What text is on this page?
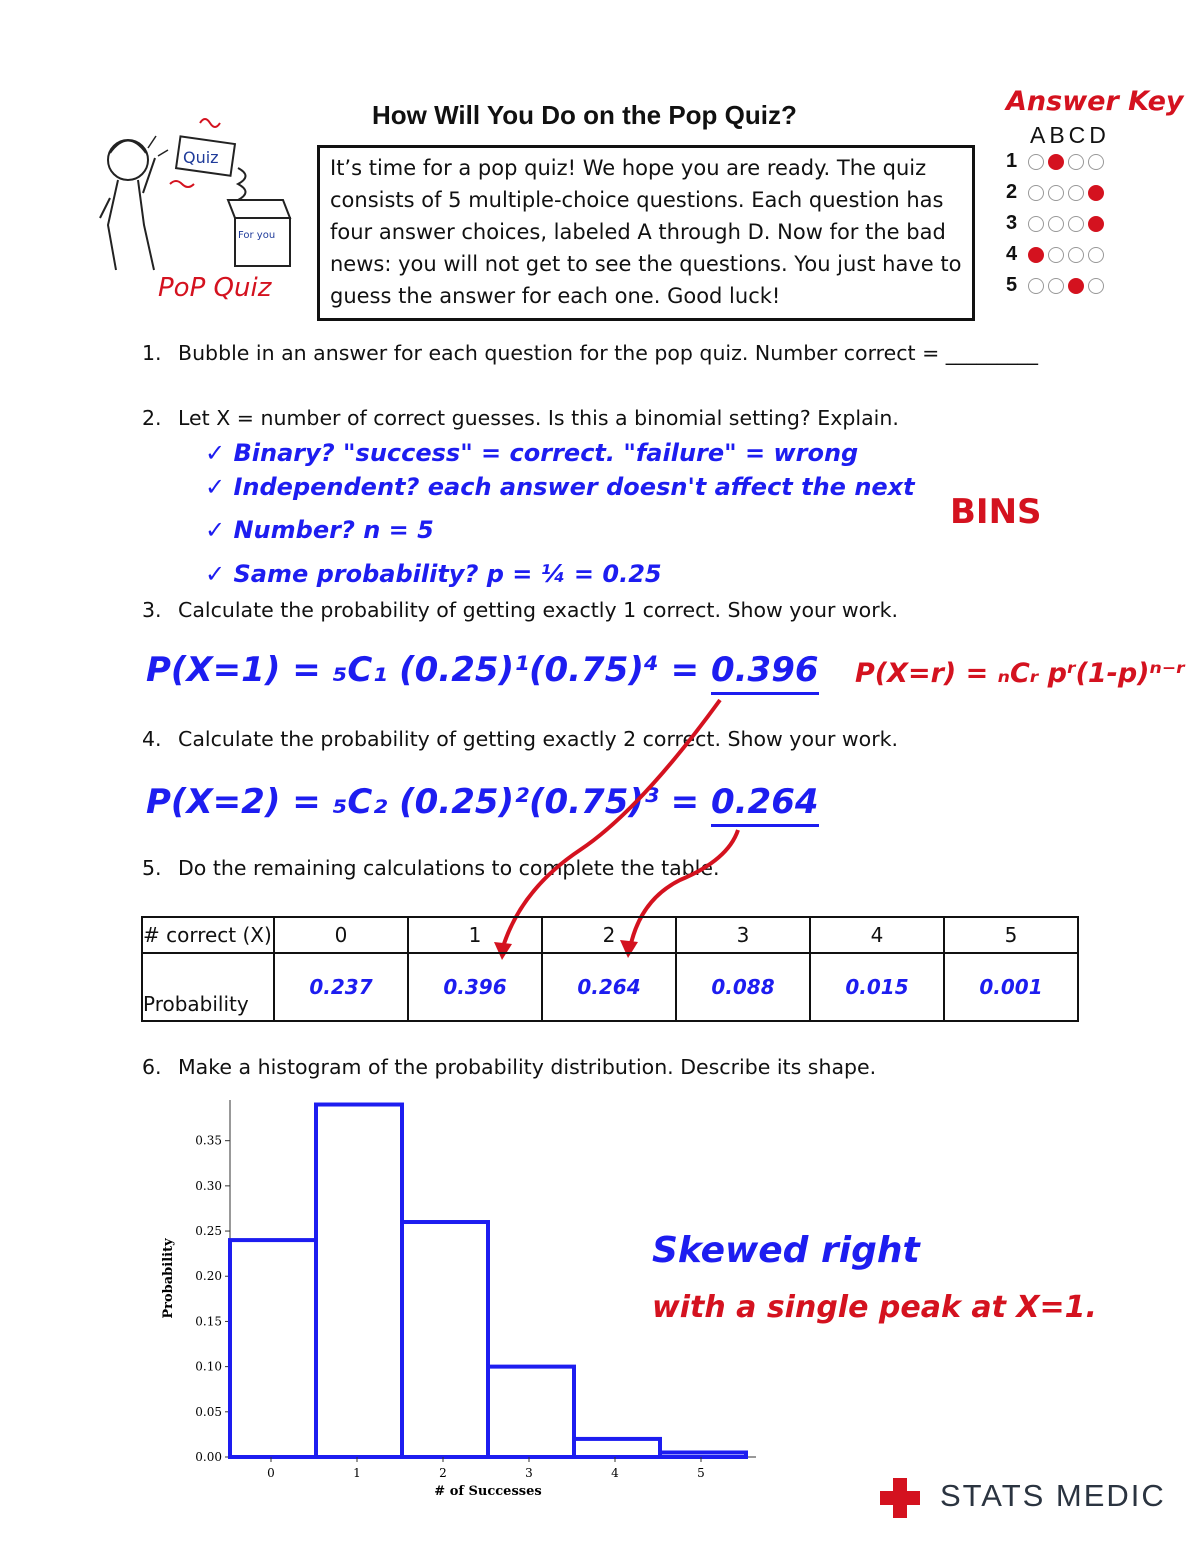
Quiz
For you
PoP Quiz
How Will You Do on the Pop Quiz?
It’s time for a pop quiz! We hope you are ready. The quiz consists of 5 multiple-choice questions. Each question has four answer choices, labeled A through D. Now for the bad news: you will not get to see the questions. You just have to guess the answer for each one. Good luck!
Answer Key
ABCD
1
2
3
4
5
1. Bubble in an answer for each question for the pop quiz. Number correct = _________
2. Let X = number of correct guesses. Is this a binomial setting? Explain.
✓ Binary? "success" = correct. "failure" = wrong
✓ Independent? each answer doesn't affect the next
✓ Number? n = 5
✓ Same probability? p = ¼ = 0.25
BINS
3. Calculate the probability of getting exactly 1 correct. Show your work.
P(X=1) = ₅C₁ (0.25)¹(0.75)⁴ = 0.396 P(X=r) = ₙCᵣ pʳ(1-p)ⁿ⁻ʳ
4. Calculate the probability of getting exactly 2 correct. Show your work.
P(X=2) = ₅C₂ (0.25)²(0.75)³ = 0.264
5. Do the remaining calculations to complete the table.
# correct (X)	0	1	2	3	4	5
Probability	0.237	0.396	0.264	0.088	0.015	0.001
6. Make a histogram of the probability distribution. Describe its shape.
0.00
0.05
0.10
0.15
0.20
0.25
0.30
0.35
0	1	2	3	4	5
# of Successes
Probability	Skewed right
with a single peak at X=1.
STATS MEDIC
